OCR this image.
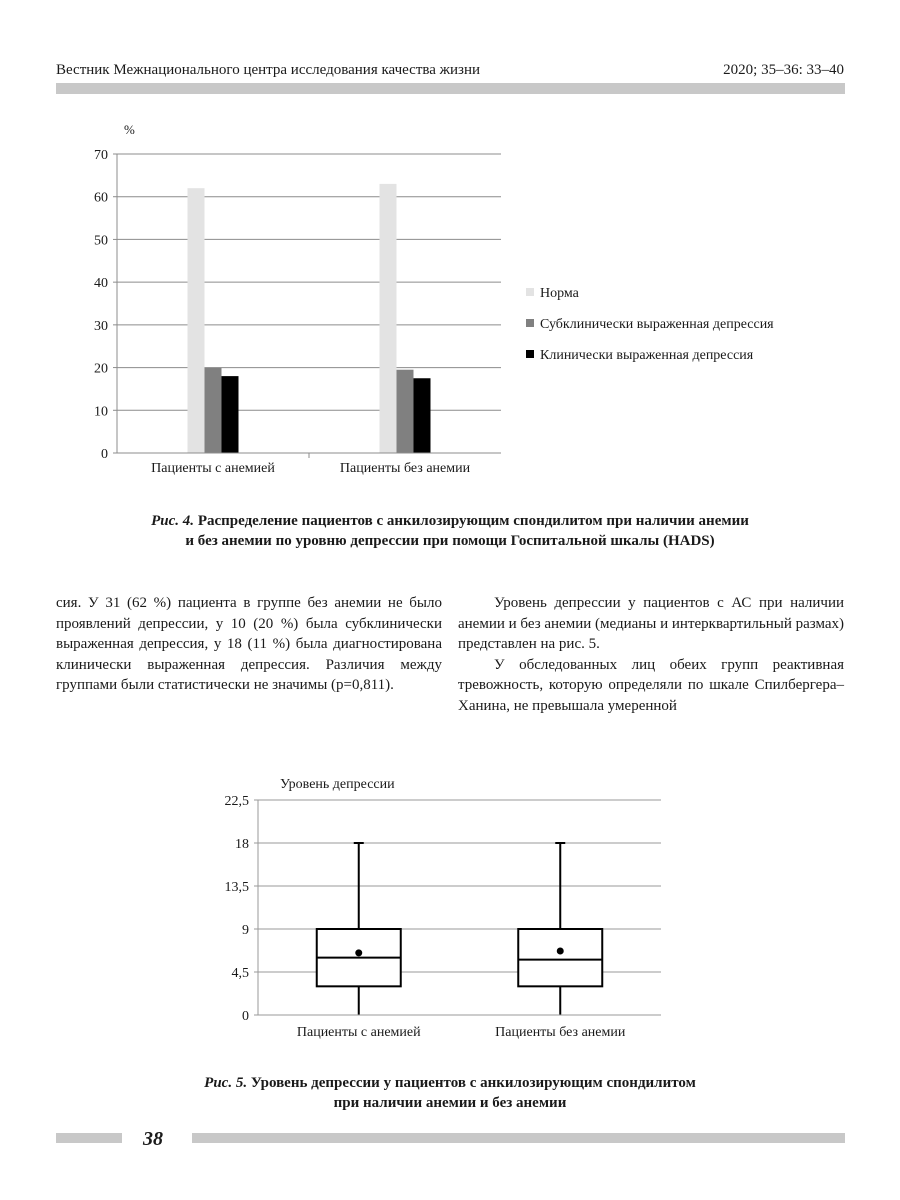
Вестник Межнационального центра исследования качества жизни	2020; 35–36: 33–40
%
0
10
20
30
40
50
60
70
Пациенты с анемией	Пациенты без анемии
Норма
Субклинически выраженная депрессия
Клинически выраженная депрессия
Рис. 4. Распределение пациентов с анкилозирующим спондилитом при наличии анемии
и без анемии по уровню депрессии при помощи Госпитальной шкалы (HADS)

сия. У 31 (62 %) пациента в группе без анемии не было проявлений депрессии, у 10 (20 %) была субклинически выраженная депрессия, у 18 (11 %) была диагностирована клинически выраженная депрессия. Различия между группами были статистически не значимы (p=0,811).

Уровень депрессии у пациентов с АС при наличии анемии и без анемии (медианы и интерквартильный размах) представлен на рис. 5.

У обследованных лиц обеих групп реактивная тревожность, которую определяли по шкале Спилбергера–Ханина, не превышала умеренной

Уровень депрессии
0
4,5
9
13,5
18
22,5
Пациенты с анемией	Пациенты без анемии
Рис. 5. Уровень депрессии у пациентов с анкилозирующим спондилитом
при наличии анемии и без анемии
38
